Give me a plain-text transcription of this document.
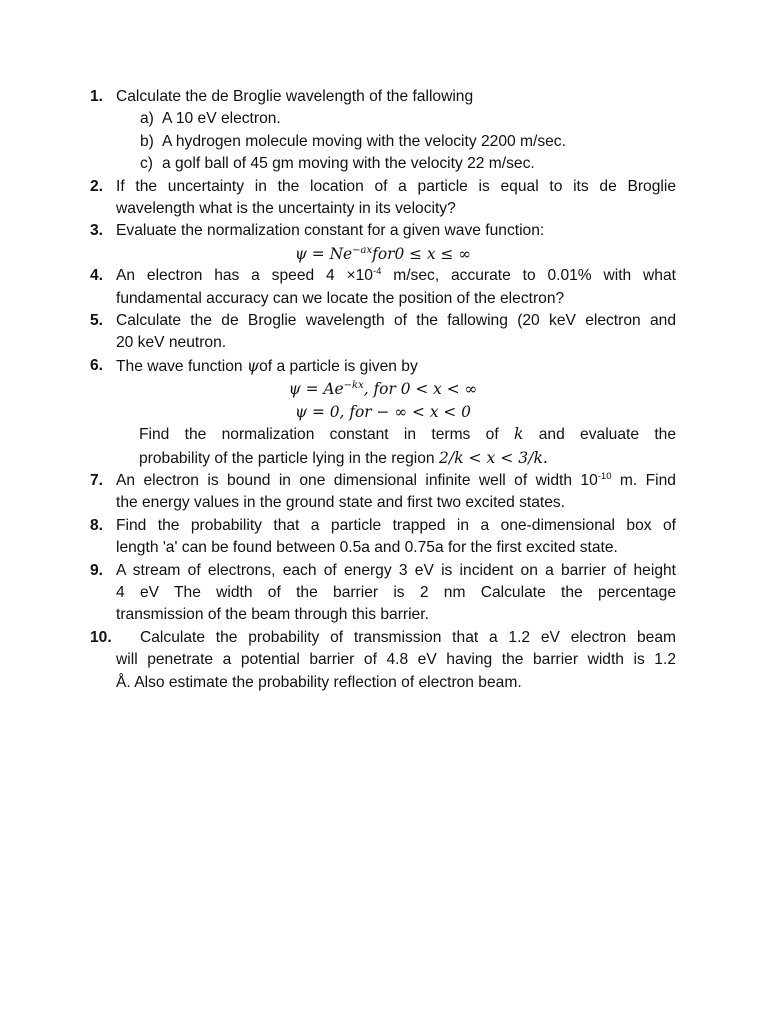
1. Calculate the de Broglie wavelength of the fallowing
a) A 10 eV electron.
b) A hydrogen molecule moving with the velocity 2200 m/sec.
c) a golf ball of 45 gm moving with the velocity 22 m/sec.
2. If the uncertainty in the location of a particle is equal to its de Broglie
wavelength what is the uncertainty in its velocity?
3. Evaluate the normalization constant for a given wave function:
$\psi = Ne^{-ax}for0 \le x$ ≤ ∞
4. An electron has a speed $4 \times 10^{-4}$ m/sec, accurate to 0.01% with what
fundamental accuracy can we locate the position of the electron?
5. Calculate the de Broglie wavelength of the fallowing (20 keV electron and
20 keV neutron.
6. The wave function ψof a particle is given by
$\psi = Ae^{-kx}$, for 0 < x < ∞
ψ = 0, for − ∞ < x < 0
Find the normalization constant in terms of k and evaluate the
probability of the particle lying in the region 2/k < x < 3/k.
7. An electron is bound in one dimensional infinite well of width $10^{-10}$ m. Find
the energy values in the ground state and first two excited states.
8. Find the probability that a particle trapped in a one-dimensional box of
length 'a' can be found between 0.5a and 0.75a for the first excited state.
9. A stream of electrons, each of energy 3 eV is incident on a barrier of height
4 eV The width of the barrier is 2 nm Calculate the percentage
transmission of the beam through this barrier.
10.	Calculate the probability of transmission that a 1.2 eV electron beam
will penetrate a potential barrier of 4.8 eV having the barrier width is 1.2
Å. Also estimate the probability reflection of electron beam.
